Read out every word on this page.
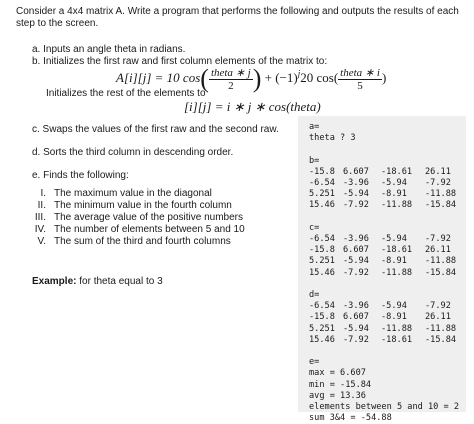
Consider a 4x4 matrix A. Write a program that performs the following and outputs the results of each step to the screen.
a. Inputs an angle theta in radians.
b. Initializes the first raw and first column elements of the matrix to:
A[i][j] = 10 $\cos( \frac{\text{theta ∗ j}}{2}$ ) + $(-1)^j20$ $\cos( \frac{\text{theta ∗ i}}{5}$ )
Initializes the rest of the elements to
[i][j] = i ∗ j ∗ cos(theta)
c. Swaps the values of the first raw and the second raw.
d. Sorts the third column in descending order.
e. Finds the following:
I. The maximum value in the diagonal
II. The minimum value in the fourth column
III. The average value of the positive numbers
IV. The number of elements between 5 and 10
V. The sum of the third and fourth columns
Example: for theta equal to 3
a=
theta ? 3
b=
-15.8	6.607	-18.61	26.11
-6.54	-3.96	-5.94	-7.92
5.251	-5.94	-8.91	-11.88
15.46	-7.92	-11.88	-15.84
c=
-6.54	-3.96	-5.94	-7.92
-15.8	6.607	-18.61	26.11
5.251	-5.94	-8.91	-11.88
15.46	-7.92	-11.88	-15.84
d=
-6.54	-3.96	-5.94	-7.92
-15.8	6.607	-8.91	26.11
5.251	-5.94	-11.88	-11.88
15.46	-7.92	-18.61	-15.84
e=
max = 6.607
min = -15.84
avg = 13.36
elements between 5 and 10 = 2
sum 3&4 = -54.88
